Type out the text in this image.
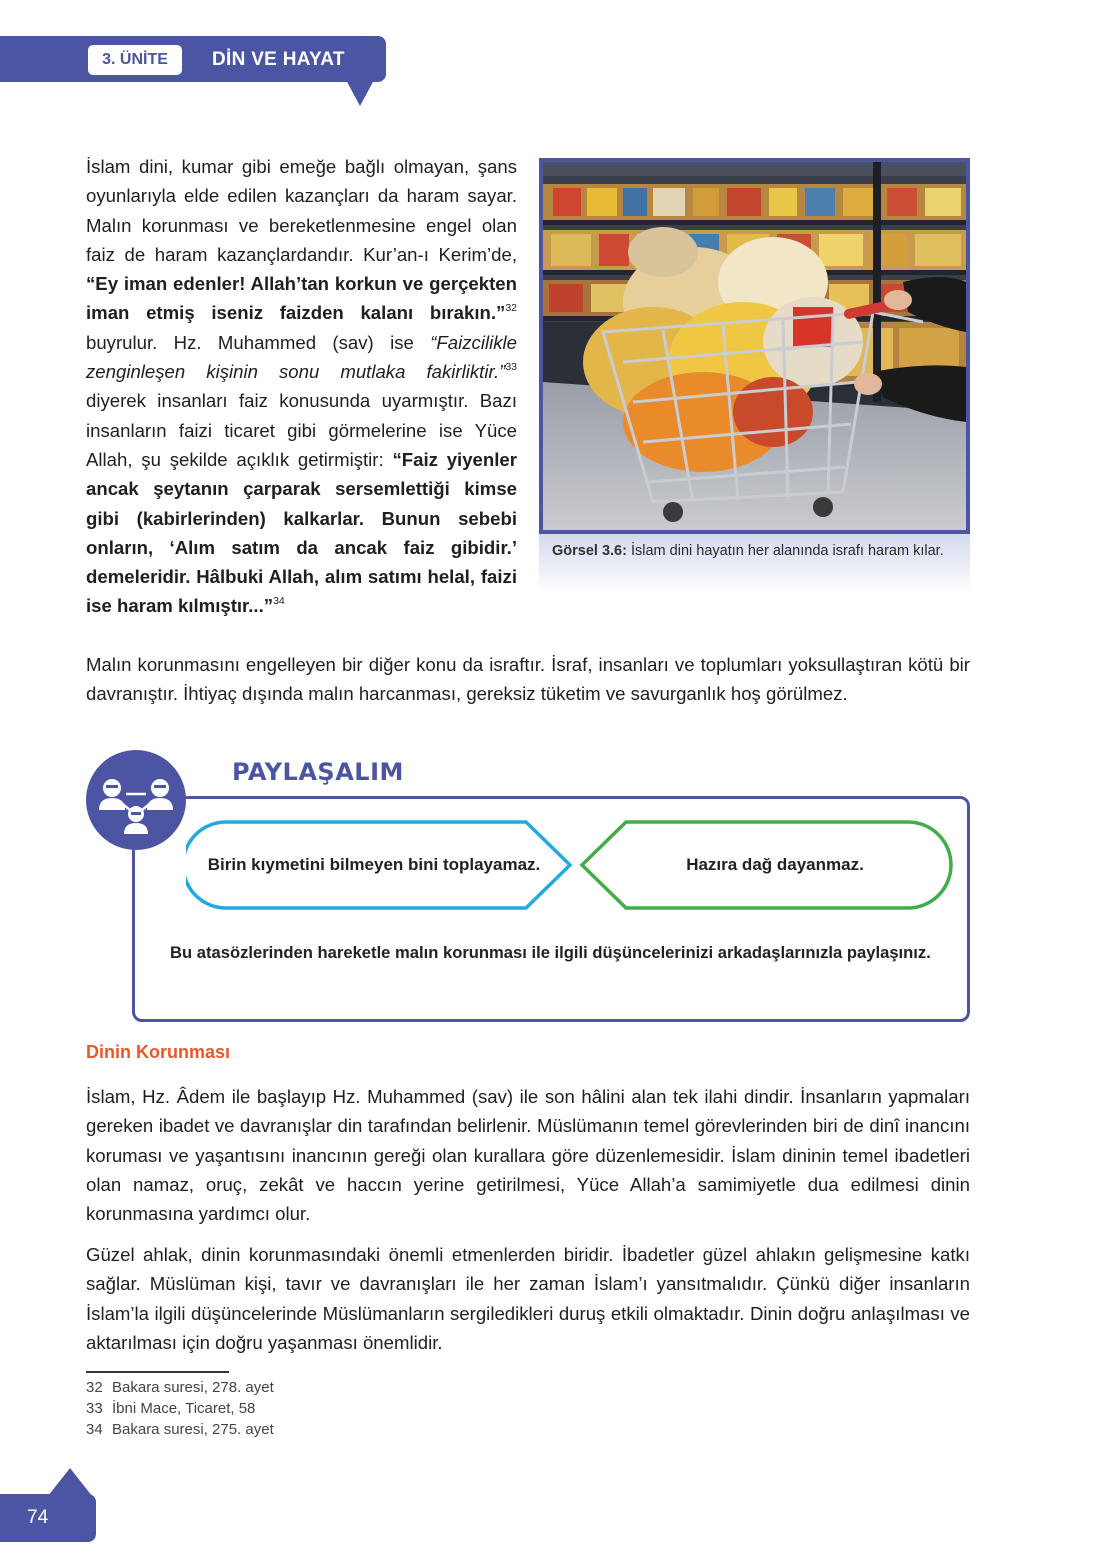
3. ÜNİTE	DİN VE HAYAT

İslam dini, kumar gibi emeğe bağlı olmayan, şans oyunlarıyla elde edilen kazançları da haram sayar. Malın korunması ve bereketlenmesine engel olan faiz de haram kazançlardandır. Kur’an-ı Kerim’de, “Ey iman edenler! Allah’tan korkun ve gerçekten iman etmiş iseniz faizden kalanı bırakın.”$^{32}$ buyrulur. Hz. Muhammed (sav) ise “Faizcilikle zenginleşen kişinin sonu mutlaka fakirliktir.”$^{33}$ diyerek insanları faiz konusunda uyarmıştır. Bazı insanların faizi ticaret gibi görmelerine ise Yüce Allah, şu şekilde açıklık getirmiştir: “Faiz yiyenler ancak şeytanın çarparak sersemlettiği kimse gibi (kabirlerinden) kalkarlar. Bunun sebebi onların, ‘Alım satım da ancak faiz gibidir.’ demeleridir. Hâlbuki Allah, alım satımı helal, faizi ise haram kılmıştır...”$^{34}$

Görsel 3.6: İslam dini hayatın her alanında israfı haram kılar.

Malın korunmasını engelleyen bir diğer konu da israftır. İsraf, insanları ve toplumları yoksullaştıran kötü bir davranıştır. İhtiyaç dışında malın harcanması, gereksiz tüketim ve savurganlık hoş görülmez.

PAYLAŞALIM
Birin kıymetini bilmeyen bini toplayamaz.	Hazıra dağ dayanmaz.
Bu atasözlerinden hareketle malın korunması ile ilgili düşüncelerinizi arkadaşlarınızla paylaşınız.
Dinin Korunması

İslam, Hz. Âdem ile başlayıp Hz. Muhammed (sav) ile son hâlini alan tek ilahi dindir. İnsanların yapmaları gereken ibadet ve davranışlar din tarafından belirlenir. Müslümanın temel görevlerinden biri de dinî inancını koruması ve yaşantısını inancının gereği olan kurallara göre düzenlemesidir. İslam dininin temel ibadetleri olan namaz, oruç, zekât ve haccın yerine getirilmesi, Yüce Allah’a samimiyetle dua edilmesi dinin korunmasına yardımcı olur.

Güzel ahlak, dinin korunmasındaki önemli etmenlerden biridir. İbadetler güzel ahlakın gelişmesine katkı sağlar. Müslüman kişi, tavır ve davranışları ile her zaman İslam’ı yansıtmalıdır. Çünkü diğer insanların İslam’la ilgili düşüncelerinde Müslümanların sergiledikleri duruş etkili olmaktadır. Dinin doğru anlaşılması ve aktarılması için doğru yaşanması önemlidir.

32 Bakara suresi, 278. ayet
33 İbni Mace, Ticaret, 58
34 Bakara suresi, 275. ayet
74
